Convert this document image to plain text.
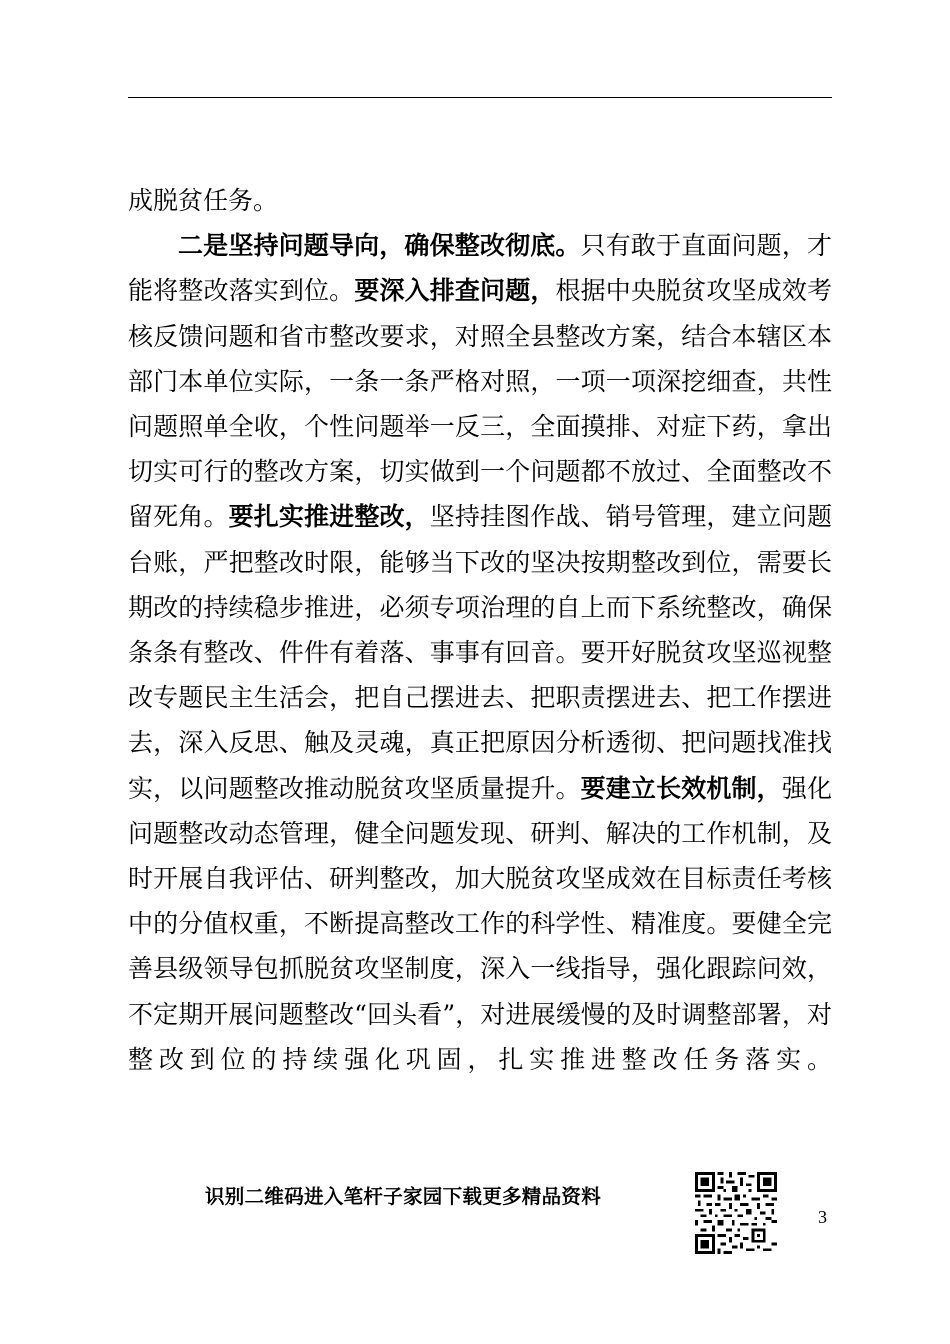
成脱贫任务。

二是坚持问题导向，确保整改彻底。只有敢于直面问题，才能将整改落实到位。要深入排查问题，根据中央脱贫攻坚成效考核反馈问题和省市整改要求，对照全县整改方案，结合本辖区本部门本单位实际，一条一条严格对照，一项一项深挖细查，共性问题照单全收，个性问题举一反三，全面摸排、对症下药，拿出切实可行的整改方案，切实做到一个问题都不放过、全面整改不留死角。要扎实推进整改，坚持挂图作战、销号管理，建立问题台账，严把整改时限，能够当下改的坚决按期整改到位，需要长期改的持续稳步推进，必须专项治理的自上而下系统整改，确保条条有整改、件件有着落、事事有回音。要开好脱贫攻坚巡视整改专题民主生活会，把自己摆进去、把职责摆进去、把工作摆进去，深入反思、触及灵魂，真正把原因分析透彻、把问题找准找实，以问题整改推动脱贫攻坚质量提升。要建立长效机制，强化问题整改动态管理，健全问题发现、研判、解决的工作机制，及时开展自我评估、研判整改，加大脱贫攻坚成效在目标责任考核中的分值权重，不断提高整改工作的科学性、精准度。要健全完善县级领导包抓脱贫攻坚制度，深入一线指导，强化跟踪问效，不定期开展问题整改“回头看”，对进展缓慢的及时调整部署，对整改到位的持续强化巩固，扎实推进整改任务落实。

识别二维码进入笔杆子家园下载更多精品资料
3
